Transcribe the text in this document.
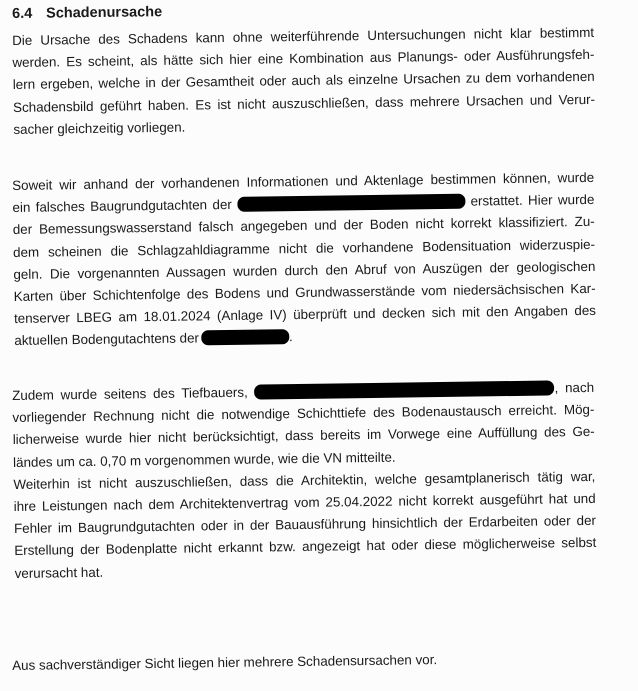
6.4 Schadenursache
Die Ursache des Schadens kann ohne weiterführende Untersuchungen nicht klar bestimmt
werden. Es scheint, als hätte sich hier eine Kombination aus Planungs- oder Ausführungsfeh-
lern ergeben, welche in der Gesamtheit oder auch als einzelne Ursachen zu dem vorhandenen
Schadensbild geführt haben. Es ist nicht auszuschließen, dass mehrere Ursachen und Verur-
sacher gleichzeitig vorliegen.
Soweit wir anhand der vorhandenen Informationen und Aktenlage bestimmen können, wurde
ein falsches Baugrundgutachten der	erstattet. Hier wurde
der Bemessungswasserstand falsch angegeben und der Boden nicht korrekt klassifiziert. Zu-
dem scheinen die Schlagzahldiagramme nicht die vorhandene Bodensituation widerzuspie-
geln. Die vorgenannten Aussagen wurden durch den Abruf von Auszügen der geologischen
Karten über Schichtenfolge des Bodens und Grundwasserstände vom niedersächsischen Kar-
tenserver LBEG am 18.01.2024 (Anlage IV) überprüft und decken sich mit den Angaben des
aktuellen Bodengutachtens der	.
Zudem wurde seitens des Tiefbauers,	, nach
vorliegender Rechnung nicht die notwendige Schichttiefe des Bodenaustausch erreicht. Mög-
licherweise wurde hier nicht berücksichtigt, dass bereits im Vorwege eine Auffüllung des Ge-
ländes um ca. 0,70 m vorgenommen wurde, wie die VN mitteilte.
Weiterhin ist nicht auszuschließen, dass die Architektin, welche gesamtplanerisch tätig war,
ihre Leistungen nach dem Architektenvertrag vom 25.04.2022 nicht korrekt ausgeführt hat und
Fehler im Baugrundgutachten oder in der Bauausführung hinsichtlich der Erdarbeiten oder der
Erstellung der Bodenplatte nicht erkannt bzw. angezeigt hat oder diese möglicherweise selbst
verursacht hat.
Aus sachverständiger Sicht liegen hier mehrere Schadensursachen vor.
